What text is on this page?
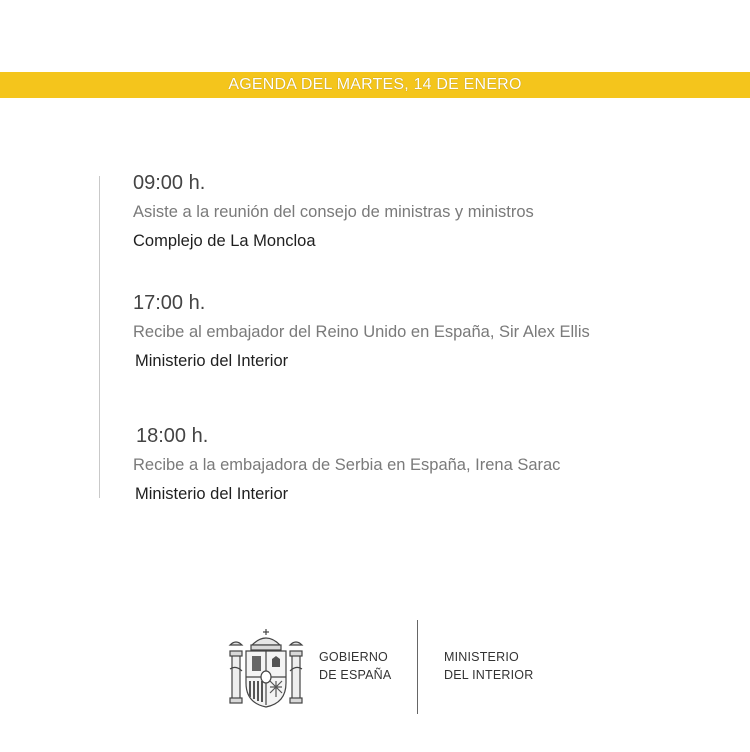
AGENDA DEL MARTES, 14 DE ENERO
09:00 h.
Asiste a la reunión del consejo de ministras y ministros
Complejo de La Moncloa
17:00 h.
Recibe al embajador del Reino Unido en España, Sir Alex Ellis
Ministerio del Interior
18:00 h.
Recibe a la embajadora de Serbia en España, Irena Sarac
Ministerio del Interior
GOBIERNO
DE ESPAÑA
MINISTERIO
DEL INTERIOR
